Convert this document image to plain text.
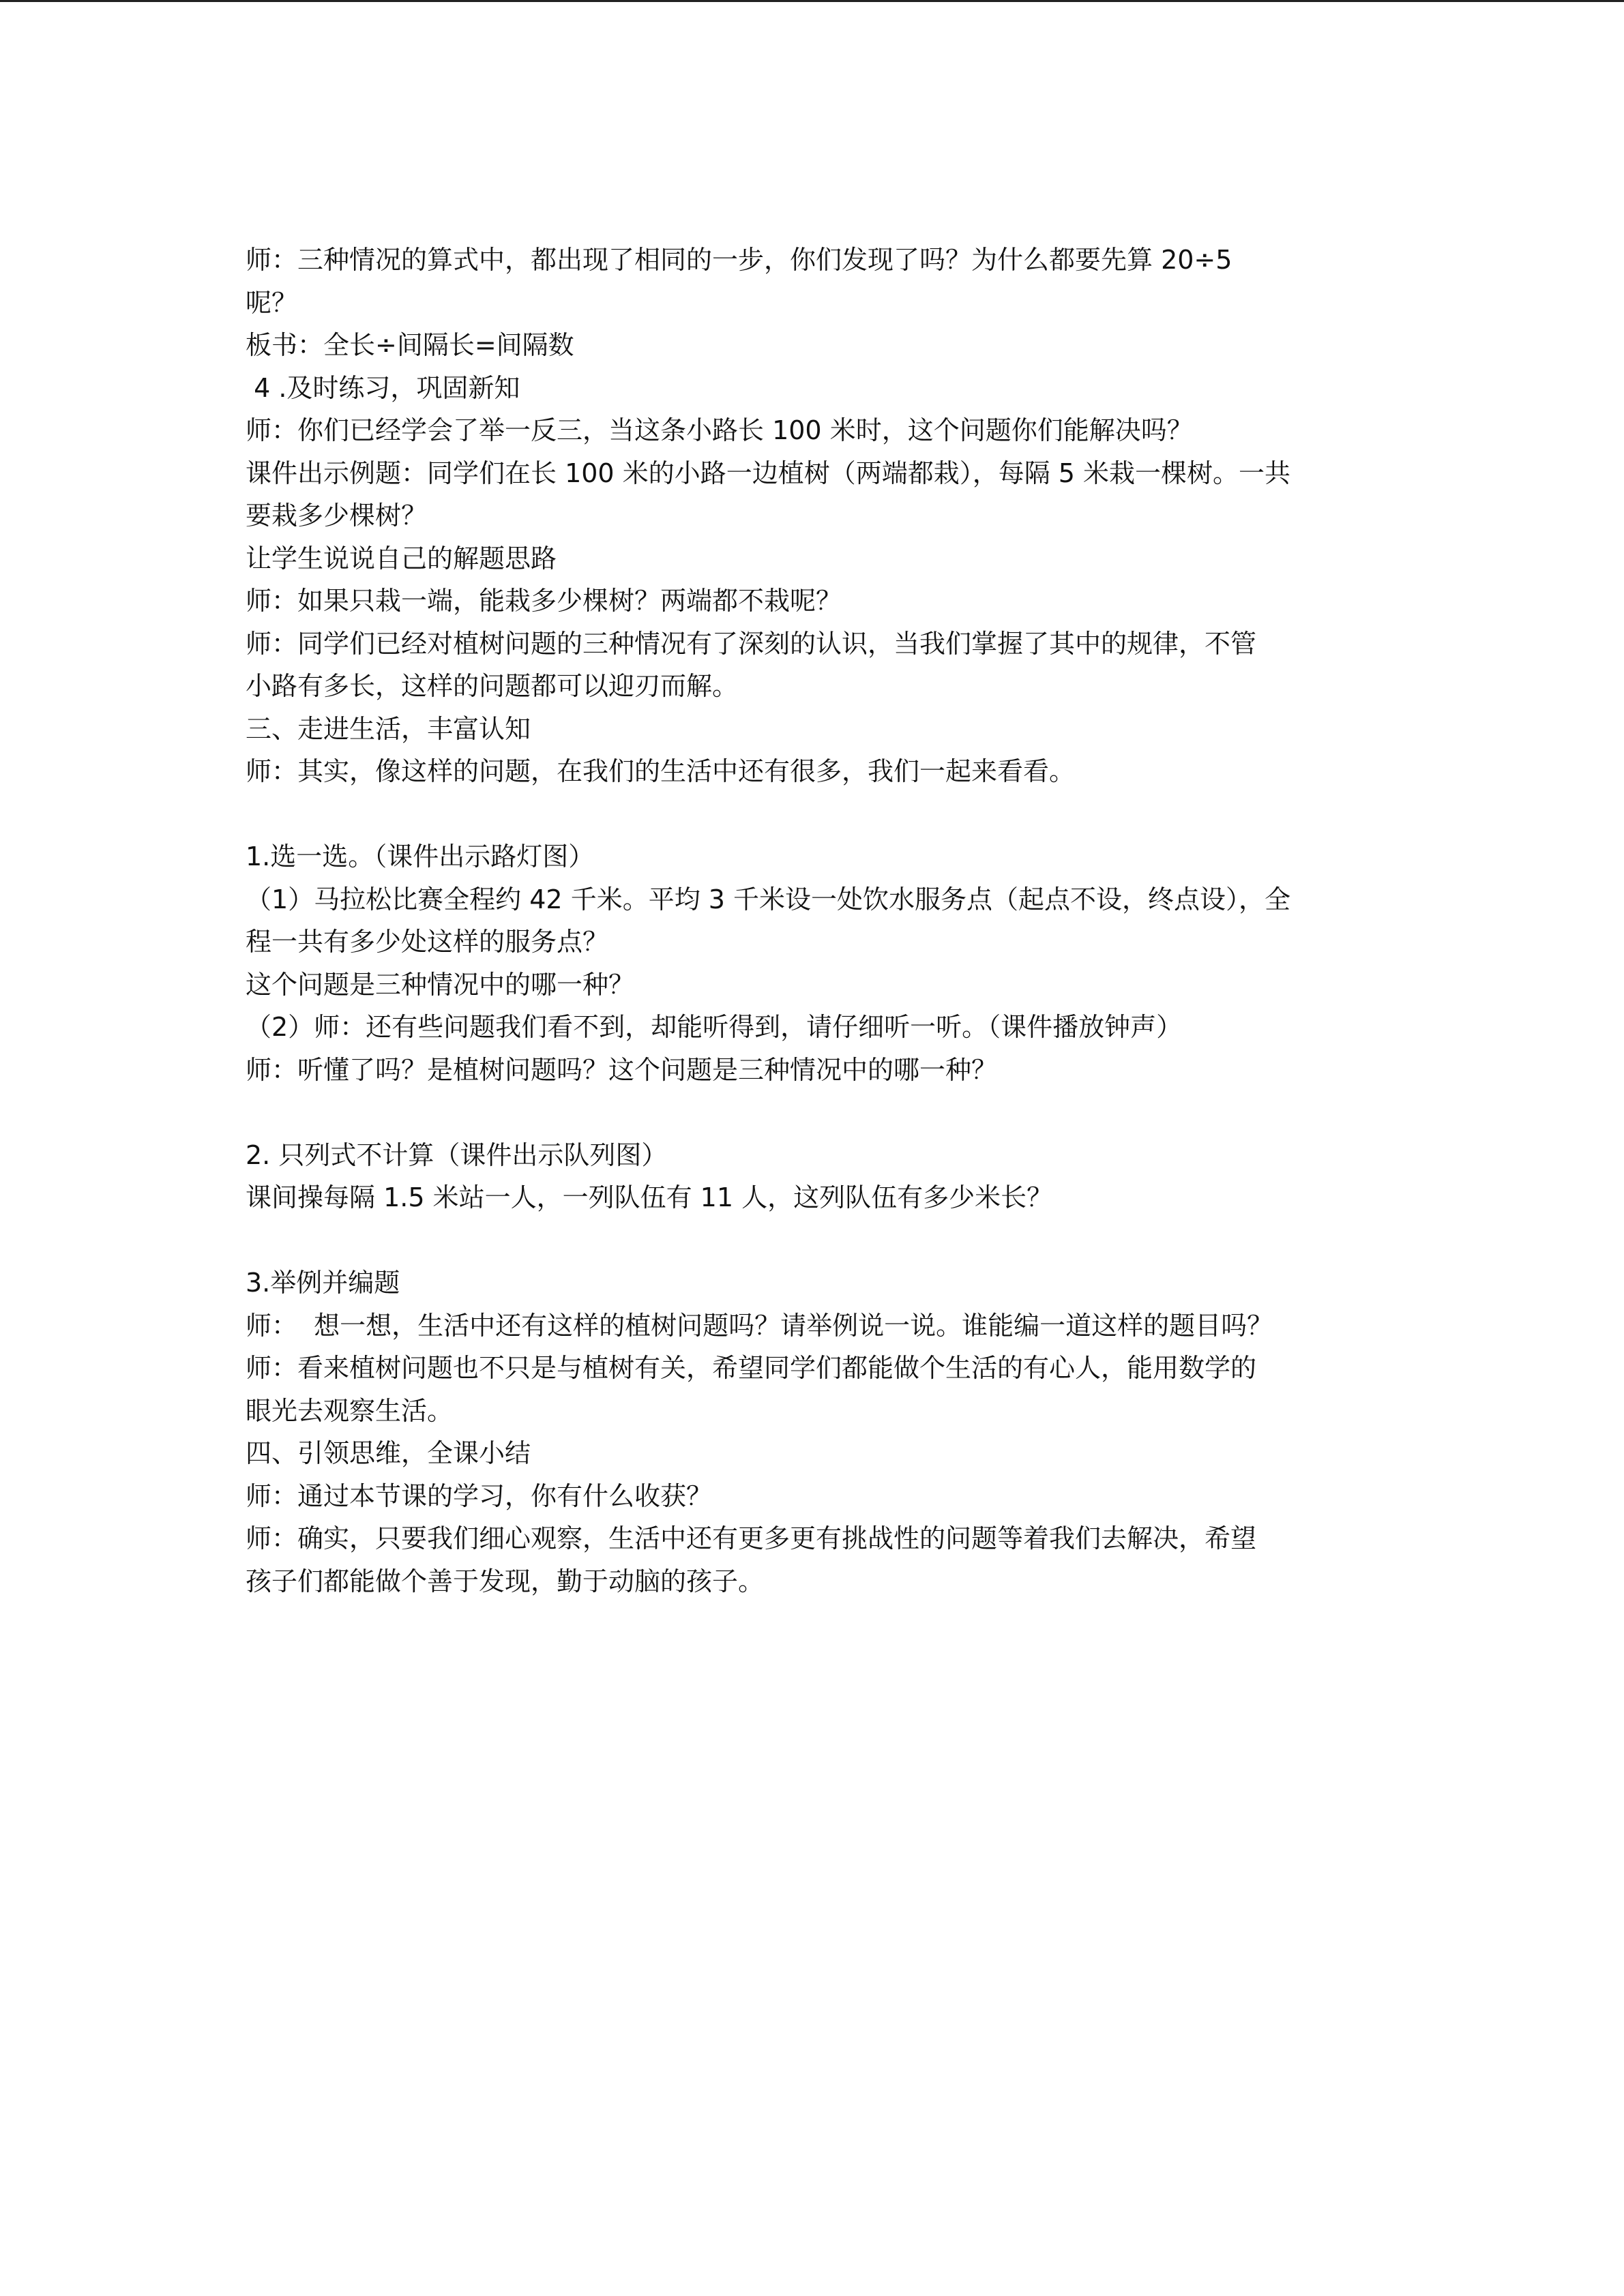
师：三种情况的算式中，都出现了相同的一步，你们发现了吗？为什么都要先算 20÷5
呢？
板书：全长÷间隔长=间隔数
4 .及时练习，巩固新知
师：你们已经学会了举一反三，当这条小路长 100 米时，这个问题你们能解决吗？
课件出示例题：同学们在长 100 米的小路一边植树（两端都栽），每隔 5 米栽一棵树。一共
要栽多少棵树？
让学生说说自己的解题思路
师：如果只栽一端，能栽多少棵树？两端都不栽呢？
师：同学们已经对植树问题的三种情况有了深刻的认识，当我们掌握了其中的规律，不管
小路有多长，这样的问题都可以迎刃而解。
三、走进生活，丰富认知
师：其实，像这样的问题，在我们的生活中还有很多，我们一起来看看。
1.选一选。（课件出示路灯图）
（1）马拉松比赛全程约 42 千米。平均 3 千米设一处饮水服务点（起点不设，终点设），全
程一共有多少处这样的服务点？
这个问题是三种情况中的哪一种？
（2）师：还有些问题我们看不到，却能听得到，请仔细听一听。（课件播放钟声）
师：听懂了吗？是植树问题吗？这个问题是三种情况中的哪一种？
2. 只列式不计算（课件出示队列图）
课间操每隔 1.5 米站一人，一列队伍有 11 人，这列队伍有多少米长？
3.举例并编题
师：  想一想，生活中还有这样的植树问题吗？请举例说一说。谁能编一道这样的题目吗？
师：看来植树问题也不只是与植树有关，希望同学们都能做个生活的有心人，能用数学的
眼光去观察生活。
四、引领思维，全课小结
师：通过本节课的学习，你有什么收获？
师：确实，只要我们细心观察，生活中还有更多更有挑战性的问题等着我们去解决，希望
孩子们都能做个善于发现，勤于动脑的孩子。
